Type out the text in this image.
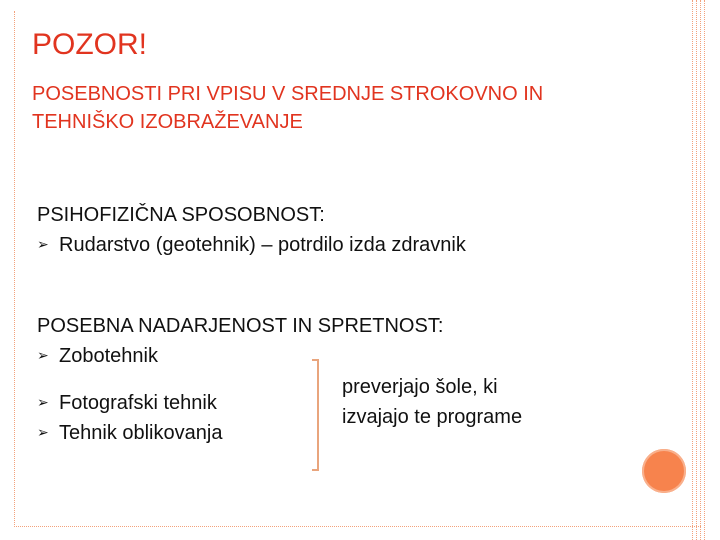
POZOR!
POSEBNOSTI PRI VPISU V SREDNJE STROKOVNO IN TEHNIŠKO IZOBRAŽEVANJE
PSIHOFIZIČNA SPOSOBNOST:
➢ Rudarstvo (geotehnik) – potrdilo izda zdravnik
POSEBNA NADARJENOST IN SPRETNOST:
➢ Zobotehnik
➢ Fotografski tehnik
➢ Tehnik oblikovanja
preverjajo šole, ki
izvajajo te programe
